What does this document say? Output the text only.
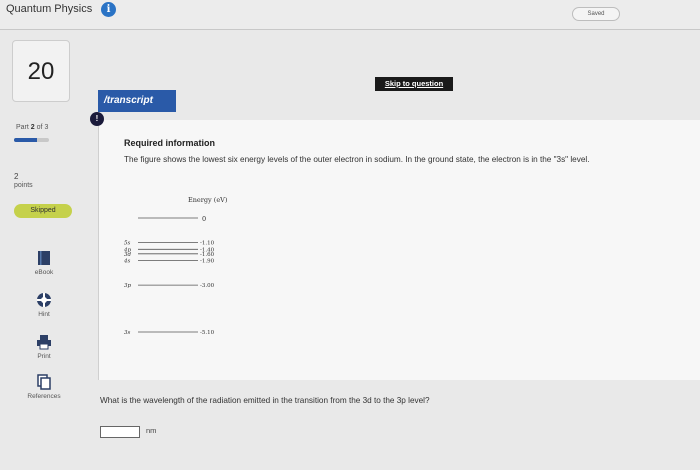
Quantum Physics	i	Saved
20
Part 2 of 3
2
points
Skipped
eBook
Hint
Print
References
Skip to question
/transcript
!
Required information
The figure shows the lowest six energy levels of the outer electron in sodium. In the ground state, the electron is in the "3s" level.
Energy (eV)
0
5s	-1.10
4p	-1.40
3d	-1.60
4s	-1.90
3p	-3.00
3s	-5.10
What is the wavelength of the radiation emitted in the transition from the 3d to the 3p level?
nm
